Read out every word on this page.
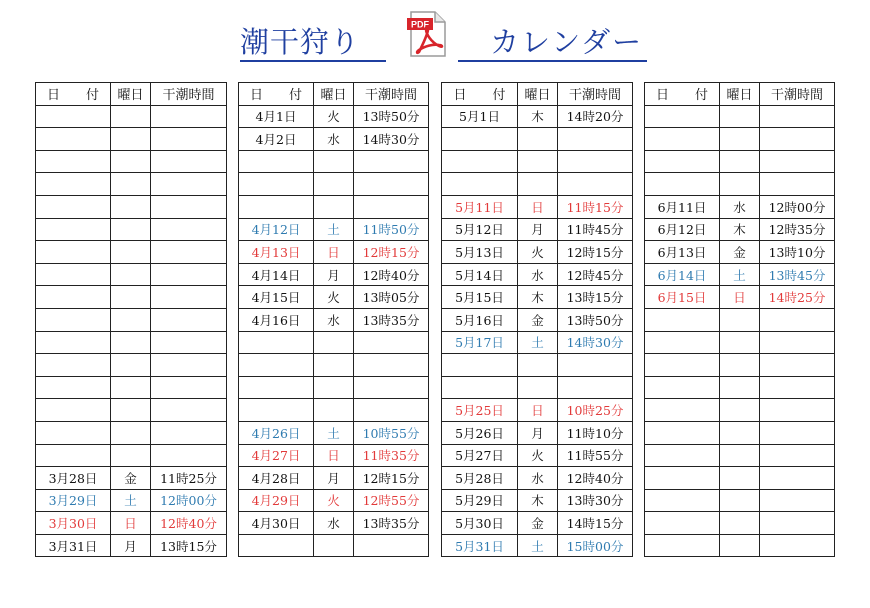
潮干狩り
PDF
カレンダー
日　　付	曜日	干潮時間

3月28日	金	11時25分
3月29日	土	12時00分
3月30日	日	12時40分
3月31日	月	13時15分
日　　付	曜日	干潮時間
4月1日	火	13時50分
4月2日	水	14時30分

4月12日	土	11時50分
4月13日	日	12時15分
4月14日	月	12時40分
4月15日	火	13時05分
4月16日	水	13時35分

4月26日	土	10時55分
4月27日	日	11時35分
4月28日	月	12時15分
4月29日	火	12時55分
4月30日	水	13時35分

日　　付	曜日	干潮時間
5月1日	木	14時20分

5月11日	日	11時15分
5月12日	月	11時45分
5月13日	火	12時15分
5月14日	水	12時45分
5月15日	木	13時15分
5月16日	金	13時50分
5月17日	土	14時30分

5月25日	日	10時25分
5月26日	月	11時10分
5月27日	火	11時55分
5月28日	水	12時40分
5月29日	木	13時30分
5月30日	金	14時15分
5月31日	土	15時00分
日　　付	曜日	干潮時間

6月11日	水	12時00分
6月12日	木	12時35分
6月13日	金	13時10分
6月14日	土	13時45分
6月15日	日	14時25分
